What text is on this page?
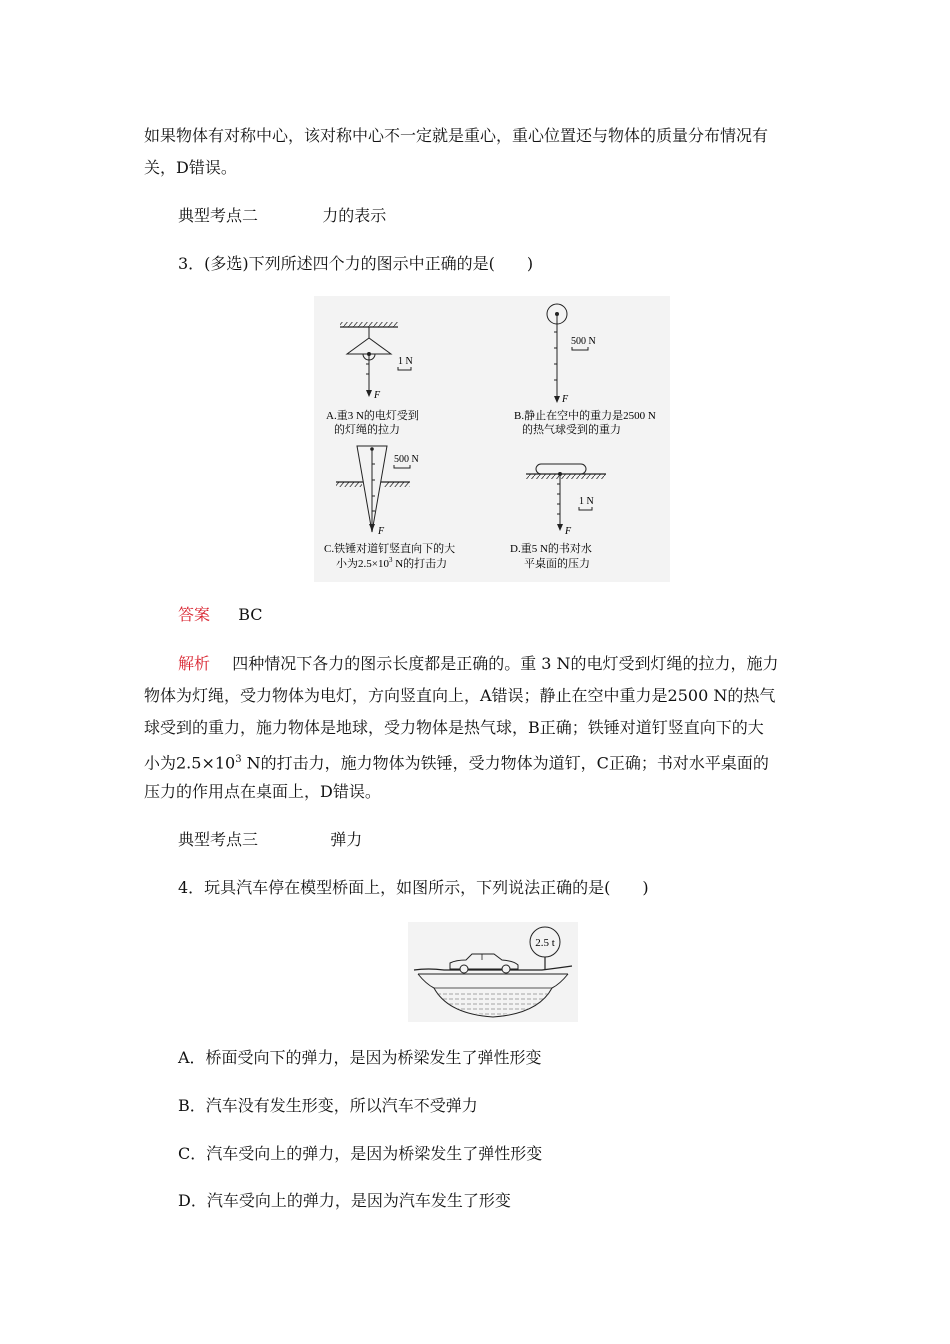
如果物体有对称中心，该对称中心不一定就是重心，重心位置还与物体的质量分布情况有
关，D错误。
典型考点二	力的表示
3．(多选)下列所述四个力的图示中正确的是(　　)
F
1 N
A.重3 N的电灯受到
的灯绳的拉力
F
500 N
B.静止在空中的重力是2500 N
的热气球受到的重力
F
500 N
C.铁锤对道钉竖直向下的大
小为$2.5\times 10^3$ N的打击力
F
1 N
D.重5 N的书对水
平桌面的压力
答案 BC
解析 四种情况下各力的图示长度都是正确的。重 3 N的电灯受到灯绳的拉力，施力
物体为灯绳，受力物体为电灯，方向竖直向上，A错误；静止在空中重力是2500 N的热气
球受到的重力，施力物体是地球，受力物体是热气球，B正确；铁锤对道钉竖直向下的大
小为$2.5\times 10^3$ N的打击力，施力物体为铁锤，受力物体为道钉，C正确；书对水平桌面的
压力的作用点在桌面上，D错误。
典型考点三	弹力
4．玩具汽车停在模型桥面上，如图所示，下列说法正确的是(　　)
2.5 t
A．桥面受向下的弹力，是因为桥梁发生了弹性形变
B．汽车没有发生形变，所以汽车不受弹力
C．汽车受向上的弹力，是因为桥梁发生了弹性形变
D．汽车受向上的弹力，是因为汽车发生了形变
